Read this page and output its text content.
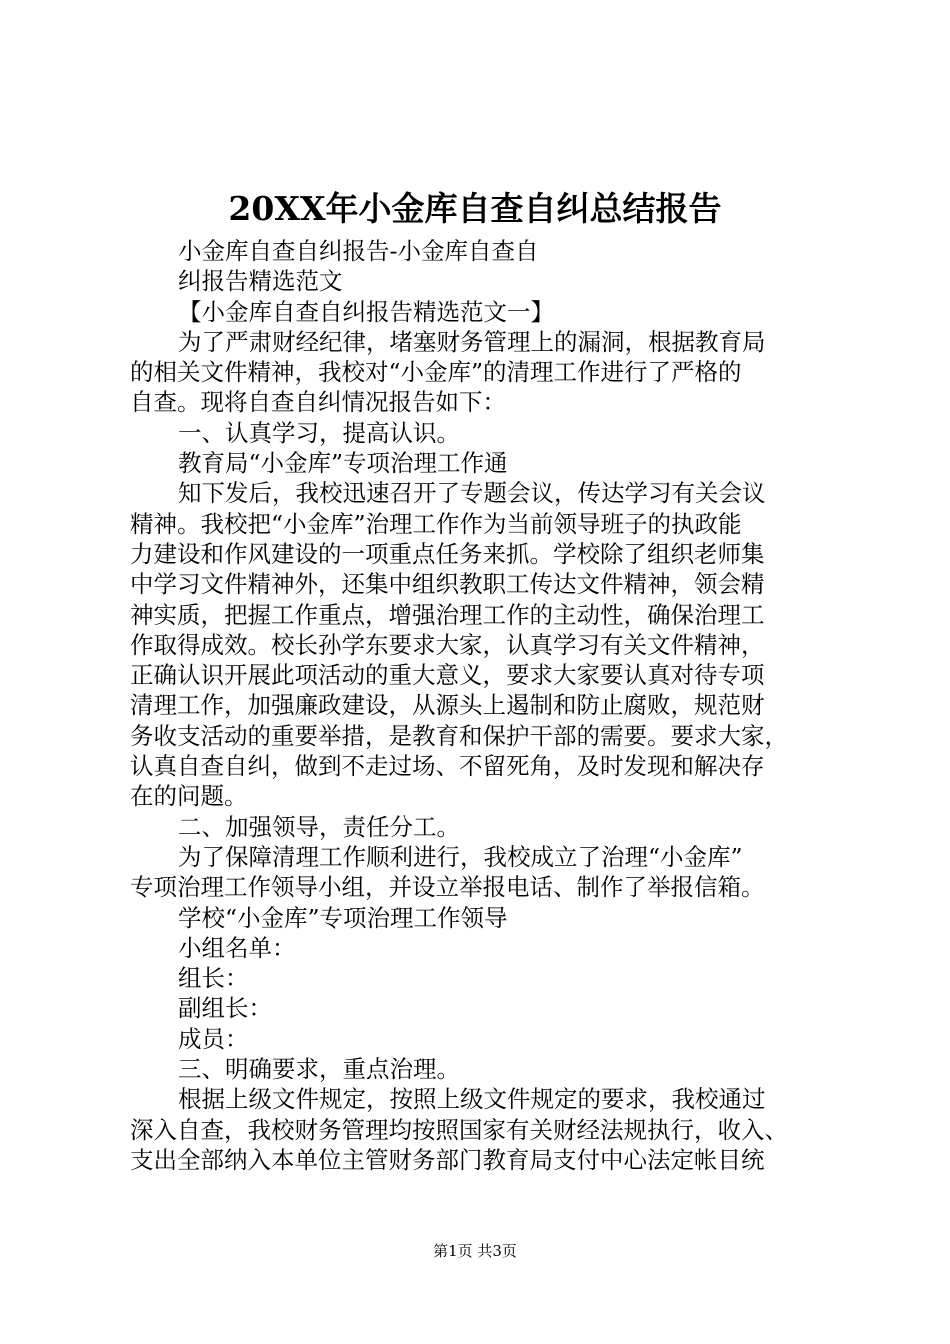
20XX年小金库自查自纠总结报告
小金库自查自纠报告-小金库自查自
纠报告精选范文
【小金库自查自纠报告精选范文一】
为了严肃财经纪律，堵塞财务管理上的漏洞，根据教育局
的相关文件精神，我校对“小金库”的清理工作进行了严格的
自查。现将自查自纠情况报告如下：
一、认真学习，提高认识。
教育局“小金库”专项治理工作通
知下发后，我校迅速召开了专题会议，传达学习有关会议
精神。我校把“小金库”治理工作作为当前领导班子的执政能
力建设和作风建设的一项重点任务来抓。学校除了组织老师集
中学习文件精神外，还集中组织教职工传达文件精神，领会精
神实质，把握工作重点，增强治理工作的主动性，确保治理工
作取得成效。校长孙学东要求大家，认真学习有关文件精神，
正确认识开展此项活动的重大意义，要求大家要认真对待专项
清理工作，加强廉政建设，从源头上遏制和防止腐败，规范财
务收支活动的重要举措，是教育和保护干部的需要。要求大家，
认真自查自纠，做到不走过场、不留死角，及时发现和解决存
在的问题。
二、加强领导，责任分工。
为了保障清理工作顺利进行，我校成立了治理“小金库”
专项治理工作领导小组，并设立举报电话、制作了举报信箱。
学校“小金库”专项治理工作领导
小组名单：
组长：
副组长：
成员：
三、明确要求，重点治理。
根据上级文件规定，按照上级文件规定的要求，我校通过
深入自查，我校财务管理均按照国家有关财经法规执行，收入、
支出全部纳入本单位主管财务部门教育局支付中心法定帐目统
第1页 共3页
